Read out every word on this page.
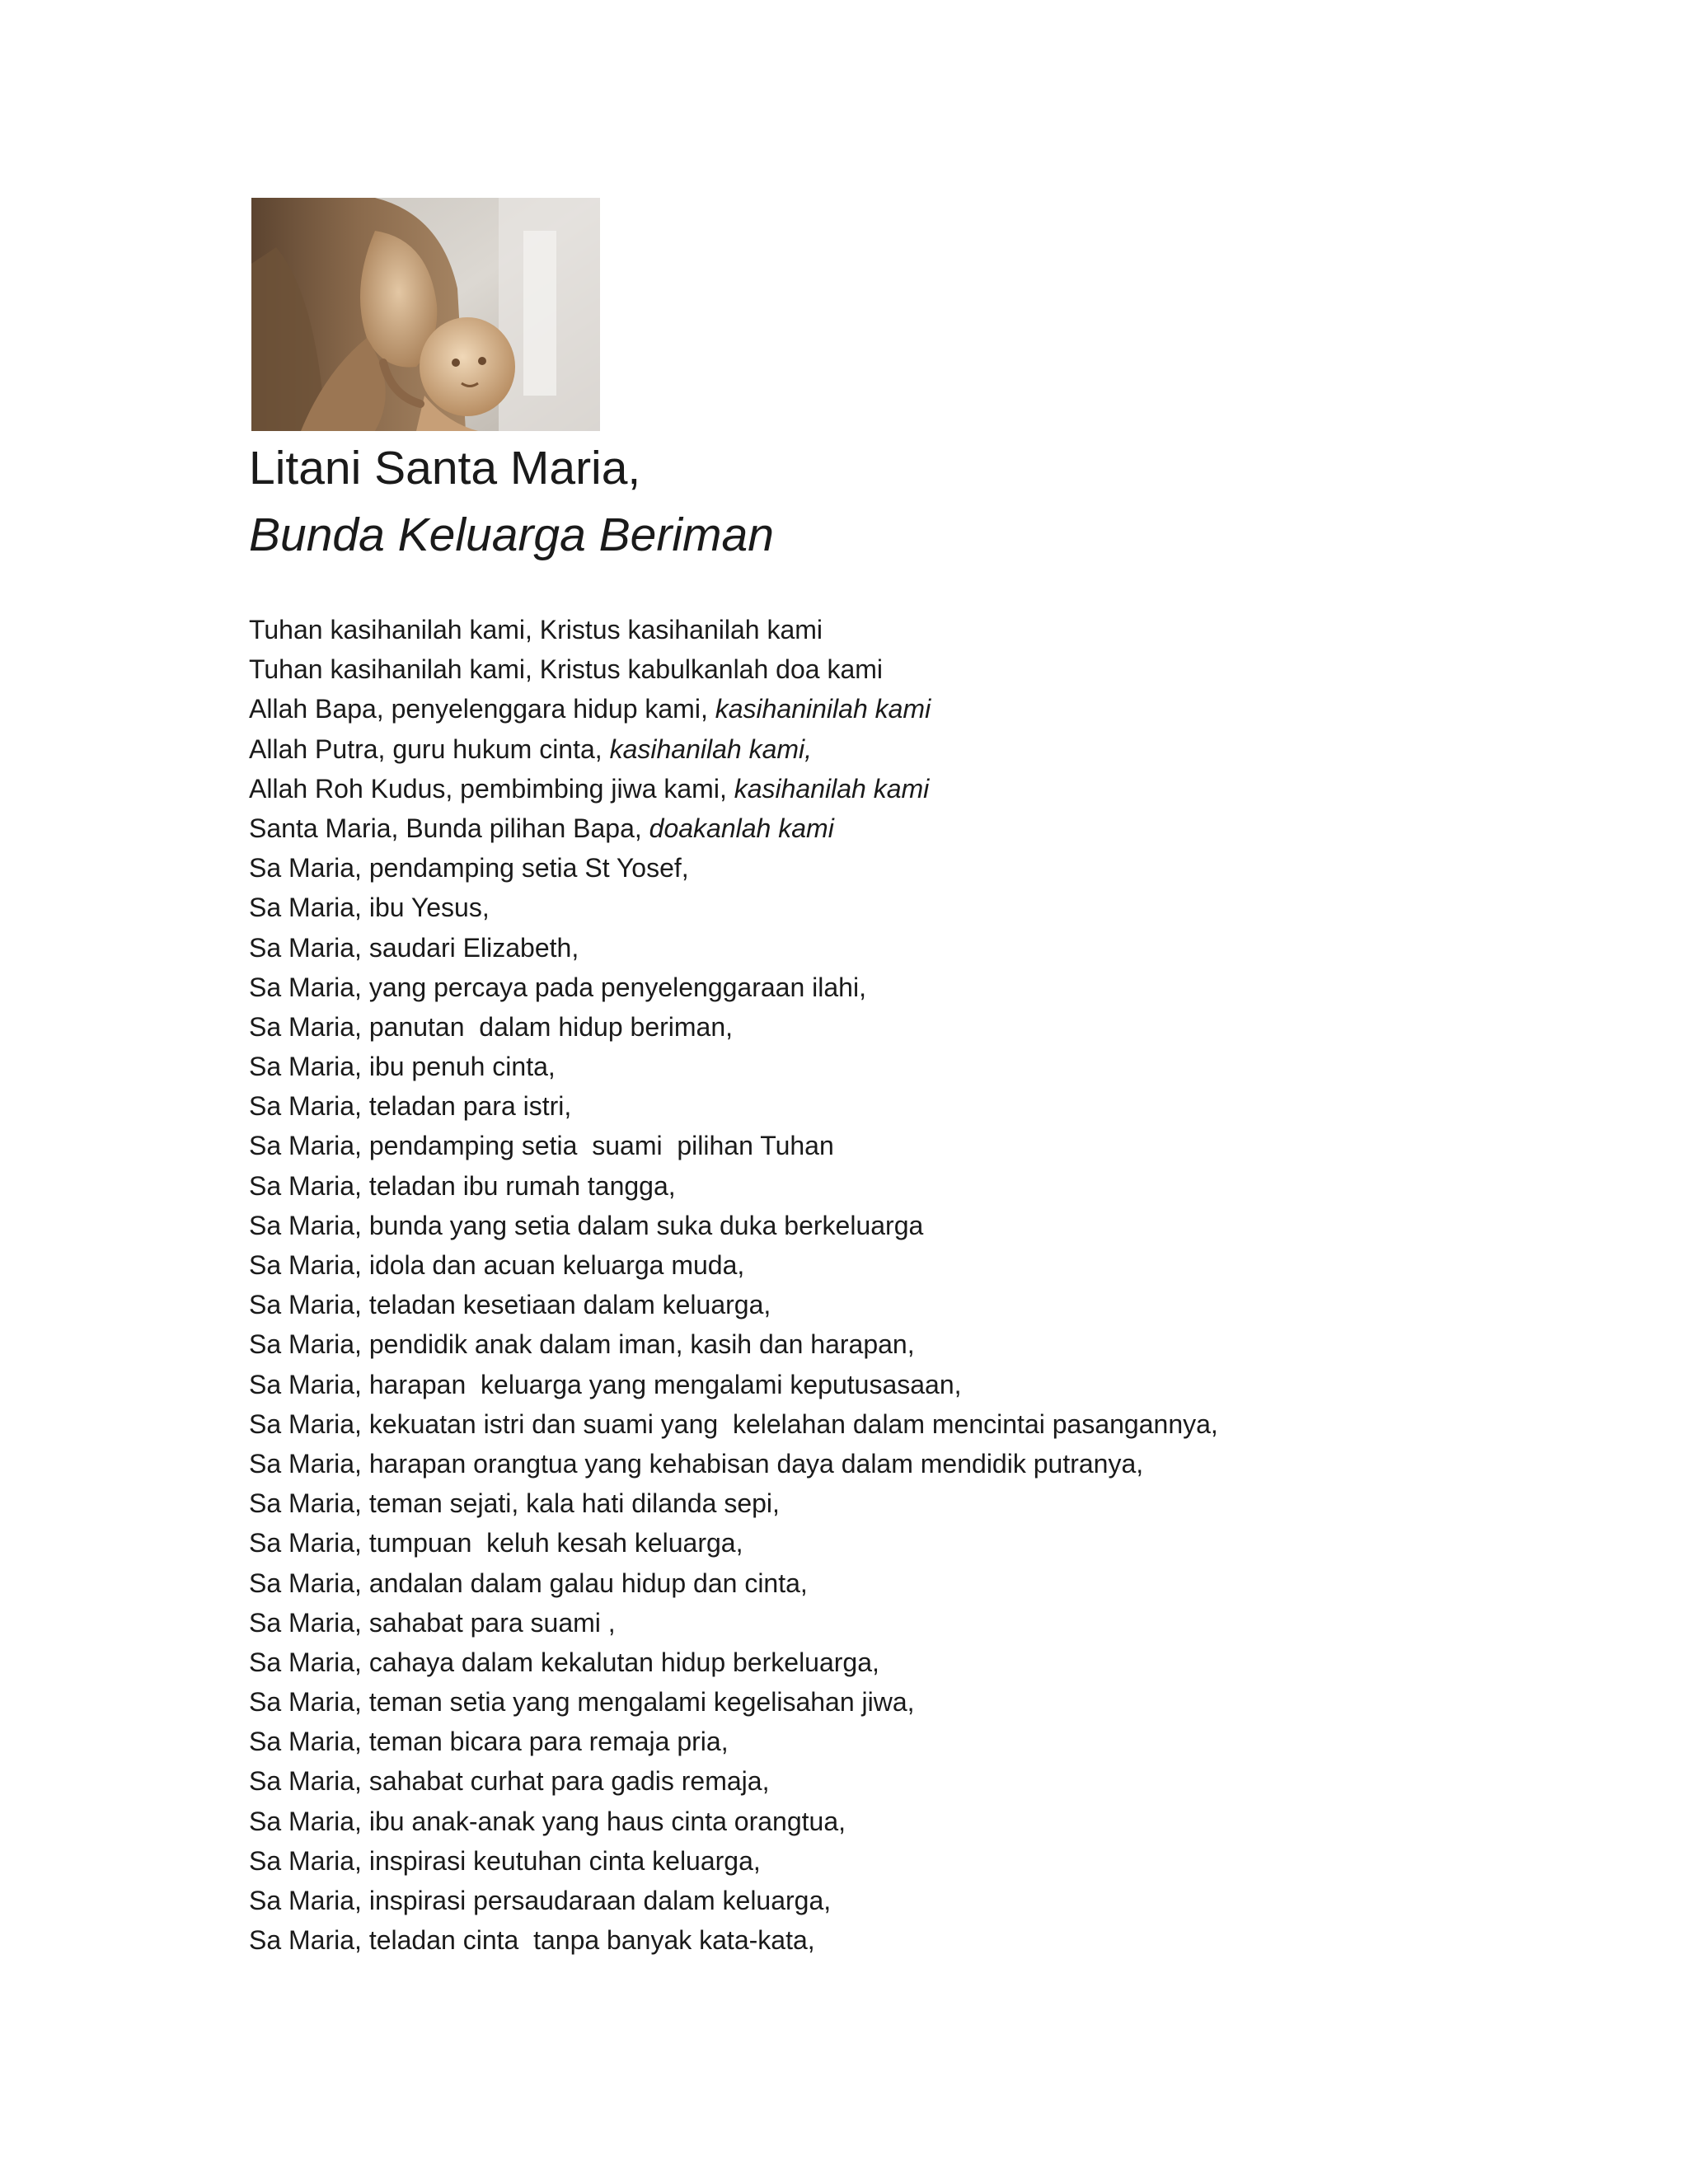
Litani Santa Maria,
Bunda Keluarga Beriman
Tuhan kasihanilah kami, Kristus kasihanilah kami
Tuhan kasihanilah kami, Kristus kabulkanlah doa kami
Allah Bapa, penyelenggara hidup kami, kasihaninilah kami
Allah Putra, guru hukum cinta, kasihanilah kami,
Allah Roh Kudus, pembimbing jiwa kami, kasihanilah kami
Santa Maria, Bunda pilihan Bapa, doakanlah kami
Sa Maria, pendamping setia St Yosef,
Sa Maria, ibu Yesus,
Sa Maria, saudari Elizabeth,
Sa Maria, yang percaya pada penyelenggaraan ilahi,
Sa Maria, panutan  dalam hidup beriman,
Sa Maria, ibu penuh cinta,
Sa Maria, teladan para istri,
Sa Maria, pendamping setia  suami  pilihan Tuhan
Sa Maria, teladan ibu rumah tangga,
Sa Maria, bunda yang setia dalam suka duka berkeluarga
Sa Maria, idola dan acuan keluarga muda,
Sa Maria, teladan kesetiaan dalam keluarga,
Sa Maria, pendidik anak dalam iman, kasih dan harapan,
Sa Maria, harapan  keluarga yang mengalami keputusasaan,
Sa Maria, kekuatan istri dan suami yang  kelelahan dalam mencintai pasangannya,
Sa Maria, harapan orangtua yang kehabisan daya dalam mendidik putranya,
Sa Maria, teman sejati, kala hati dilanda sepi,
Sa Maria, tumpuan  keluh kesah keluarga,
Sa Maria, andalan dalam galau hidup dan cinta,
Sa Maria, sahabat para suami ,
Sa Maria, cahaya dalam kekalutan hidup berkeluarga,
Sa Maria, teman setia yang mengalami kegelisahan jiwa,
Sa Maria, teman bicara para remaja pria,
Sa Maria, sahabat curhat para gadis remaja,
Sa Maria, ibu anak-anak yang haus cinta orangtua,
Sa Maria, inspirasi keutuhan cinta keluarga,
Sa Maria, inspirasi persaudaraan dalam keluarga,
Sa Maria, teladan cinta  tanpa banyak kata-kata,
